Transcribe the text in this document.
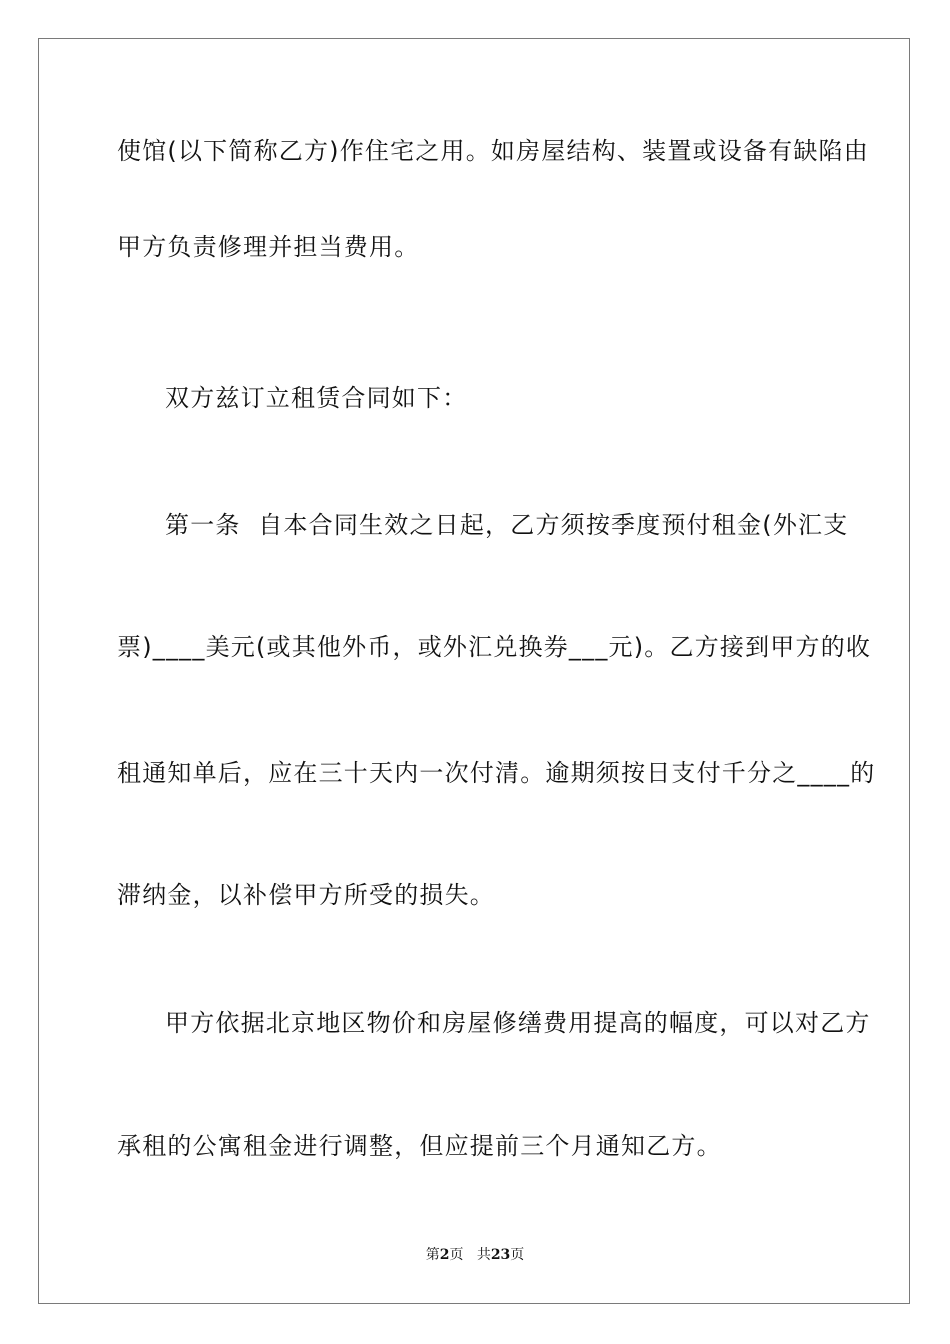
使馆(以下简称乙方)作住宅之用。如房屋结构、装置或设备有缺陷由
甲方负责修理并担当费用。
双方兹订立租赁合同如下：
第一条  自本合同生效之日起，乙方须按季度预付租金(外汇支
票)____美元(或其他外币，或外汇兑换券___元)。乙方接到甲方的收
租通知单后，应在三十天内一次付清。逾期须按日支付千分之____的
滞纳金，以补偿甲方所受的损失。
甲方依据北京地区物价和房屋修缮费用提高的幅度，可以对乙方
承租的公寓租金进行调整，但应提前三个月通知乙方。
第2页 共23页
